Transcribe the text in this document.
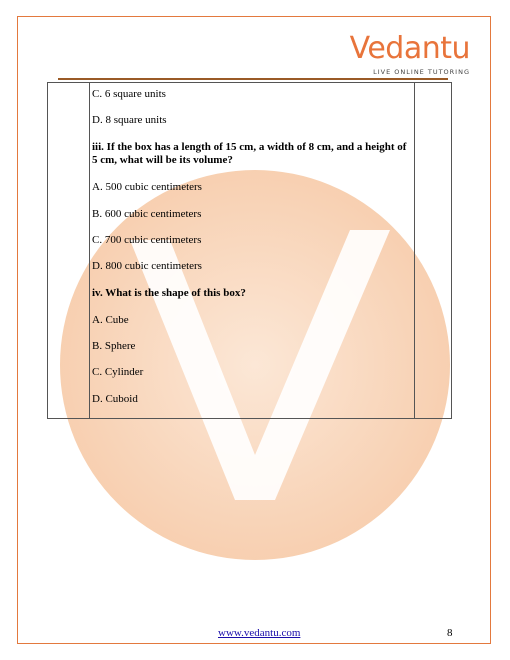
Vedantu
LIVE ONLINE TUTORING

C. 6 square units

D. 8 square units

iii. If the box has a length of 15 cm, a width of 8 cm, and a height of 5 cm, what will be its volume?

A. 500 cubic centimeters

B. 600 cubic centimeters

C. 700 cubic centimeters

D. 800 cubic centimeters

iv. What is the shape of this box?

A. Cube

B. Sphere

C. Cylinder

D. Cuboid

www.vedantu.com	8
